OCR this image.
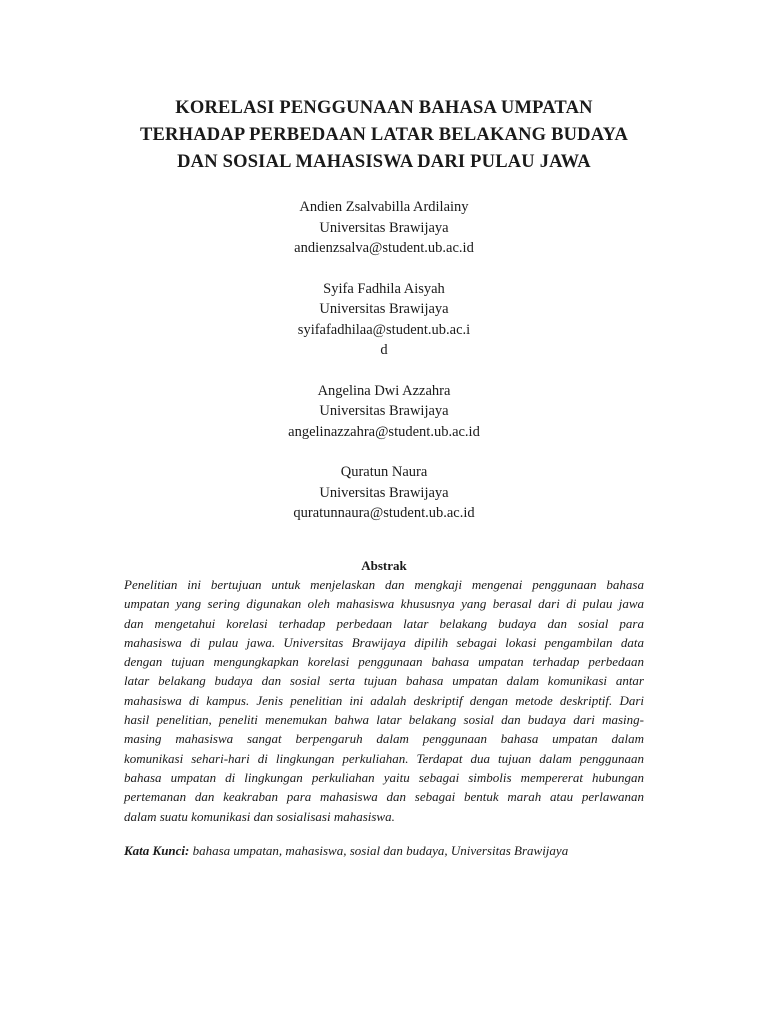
KORELASI PENGGUNAAN BAHASA UMPATAN
TERHADAP PERBEDAAN LATAR BELAKANG BUDAYA
DAN SOSIAL MAHASISWA DARI PULAU JAWA
Andien Zsalvabilla Ardilainy
Universitas Brawijaya
andienzsalva@student.ub.ac.id
Syifa Fadhila Aisyah
Universitas Brawijaya
syifafadhilaa@student.ub.ac.i
d
Angelina Dwi Azzahra
Universitas Brawijaya
angelinazzahra@student.ub.ac.id
Quratun Naura
Universitas Brawijaya
quratunnaura@student.ub.ac.id
Abstrak
Penelitian ini bertujuan untuk menjelaskan dan mengkaji mengenai penggunaan bahasa
umpatan yang sering digunakan oleh mahasiswa khususnya yang berasal dari di pulau jawa
dan mengetahui korelasi terhadap perbedaan latar belakang budaya dan sosial para
mahasiswa di pulau jawa. Universitas Brawijaya dipilih sebagai lokasi pengambilan data
dengan tujuan mengungkapkan korelasi penggunaan bahasa umpatan terhadap perbedaan
latar belakang budaya dan sosial serta tujuan bahasa umpatan dalam komunikasi antar
mahasiswa di kampus. Jenis penelitian ini adalah deskriptif dengan metode deskriptif. Dari
hasil penelitian, peneliti menemukan bahwa latar belakang sosial dan budaya dari masing-
masing mahasiswa sangat berpengaruh dalam penggunaan bahasa umpatan dalam
komunikasi sehari-hari di lingkungan perkuliahan. Terdapat dua tujuan dalam penggunaan
bahasa umpatan di lingkungan perkuliahan yaitu sebagai simbolis mempererat hubungan
pertemanan dan keakraban para mahasiswa dan sebagai bentuk marah atau perlawanan
dalam suatu komunikasi dan sosialisasi mahasiswa.
Kata Kunci: bahasa umpatan, mahasiswa, sosial dan budaya, Universitas Brawijaya
